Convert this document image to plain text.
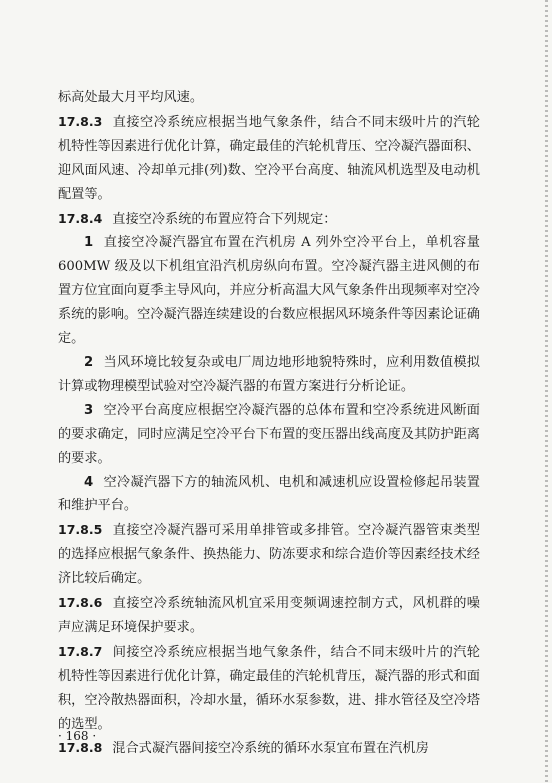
标高处最大月平均风速。

17.8.3 直接空冷系统应根据当地气象条件，结合不同末级叶片的汽轮机特性等因素进行优化计算，确定最佳的汽轮机背压、空冷凝汽器面积、迎风面风速、冷却单元排(列)数、空冷平台高度、轴流风机选型及电动机配置等。

17.8.4 直接空冷系统的布置应符合下列规定：

1 直接空冷凝汽器宜布置在汽机房 A 列外空冷平台上，单机容量 600MW 级及以下机组宜沿汽机房纵向布置。空冷凝汽器主进风侧的布置方位宜面向夏季主导风向，并应分析高温大风气象条件出现频率对空冷系统的影响。空冷凝汽器连续建设的台数应根据风环境条件等因素论证确定。

2 当风环境比较复杂或电厂周边地形地貌特殊时，应利用数值模拟计算或物理模型试验对空冷凝汽器的布置方案进行分析论证。

3 空冷平台高度应根据空冷凝汽器的总体布置和空冷系统进风断面的要求确定，同时应满足空冷平台下布置的变压器出线高度及其防护距离的要求。

4 空冷凝汽器下方的轴流风机、电机和减速机应设置检修起吊装置和维护平台。

17.8.5 直接空冷凝汽器可采用单排管或多排管。空冷凝汽器管束类型的选择应根据气象条件、换热能力、防冻要求和综合造价等因素经技术经济比较后确定。

17.8.6 直接空冷系统轴流风机宜采用变频调速控制方式，风机群的噪声应满足环境保护要求。

17.8.7 间接空冷系统应根据当地气象条件，结合不同末级叶片的汽轮机特性等因素进行优化计算，确定最佳的汽轮机背压，凝汽器的形式和面积，空冷散热器面积，冷却水量，循环水泵参数，进、排水管径及空冷塔的选型。

17.8.8 混合式凝汽器间接空冷系统的循环水泵宜布置在汽机房

· 168 ·
